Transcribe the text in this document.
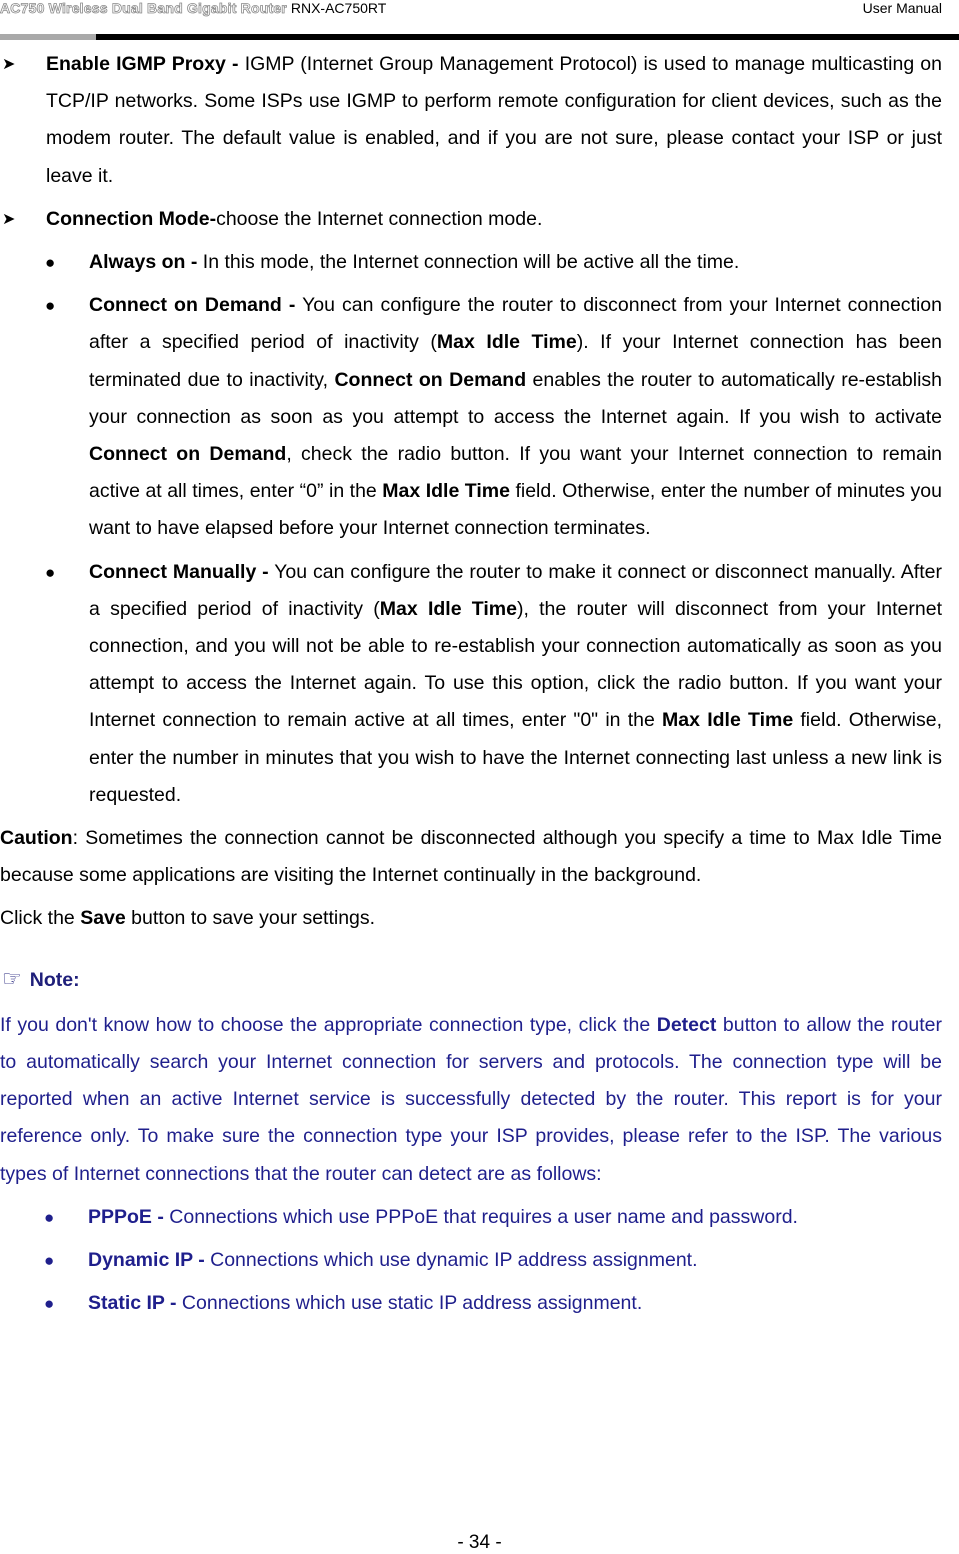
AC750 Wireless Dual Band Gigabit Router RNX-AC750RT	User Manual

➤ Enable IGMP Proxy - IGMP (Internet Group Management Protocol) is used to manage multicasting on TCP/IP networks. Some ISPs use IGMP to perform remote configuration for client devices, such as the modem router. The default value is enabled, and if you are not sure, please contact your ISP or just leave it.

➤ Connection Mode-choose the Internet connection mode.

● Always on - In this mode, the Internet connection will be active all the time.

● Connect on Demand - You can configure the router to disconnect from your Internet connection after a specified period of inactivity (Max Idle Time). If your Internet connection has been terminated due to inactivity, Connect on Demand enables the router to automatically re-establish your connection as soon as you attempt to access the Internet again. If you wish to activate Connect on Demand, check the radio button. If you want your Internet connection to remain active at all times, enter “0” in the Max Idle Time field. Otherwise, enter the number of minutes you want to have elapsed before your Internet connection terminates.

● Connect Manually - You can configure the router to make it connect or disconnect manually. After a specified period of inactivity (Max Idle Time), the router will disconnect from your Internet connection, and you will not be able to re-establish your connection automatically as soon as you attempt to access the Internet again. To use this option, click the radio button. If you want your Internet connection to remain active at all times, enter "0" in the Max Idle Time field. Otherwise, enter the number in minutes that you wish to have the Internet connecting last unless a new link is requested.

Caution: Sometimes the connection cannot be disconnected although you specify a time to Max Idle Time because some applications are visiting the Internet continually in the background.

Click the Save button to save your settings.

☞ Note:

If you don't know how to choose the appropriate connection type, click the Detect button to allow the router to automatically search your Internet connection for servers and protocols. The connection type will be reported when an active Internet service is successfully detected by the router. This report is for your reference only. To make sure the connection type your ISP provides, please refer to the ISP. The various types of Internet connections that the router can detect are as follows:

● PPPoE - Connections which use PPPoE that requires a user name and password.

● Dynamic IP - Connections which use dynamic IP address assignment.

● Static IP - Connections which use static IP address assignment.

- 34 -
